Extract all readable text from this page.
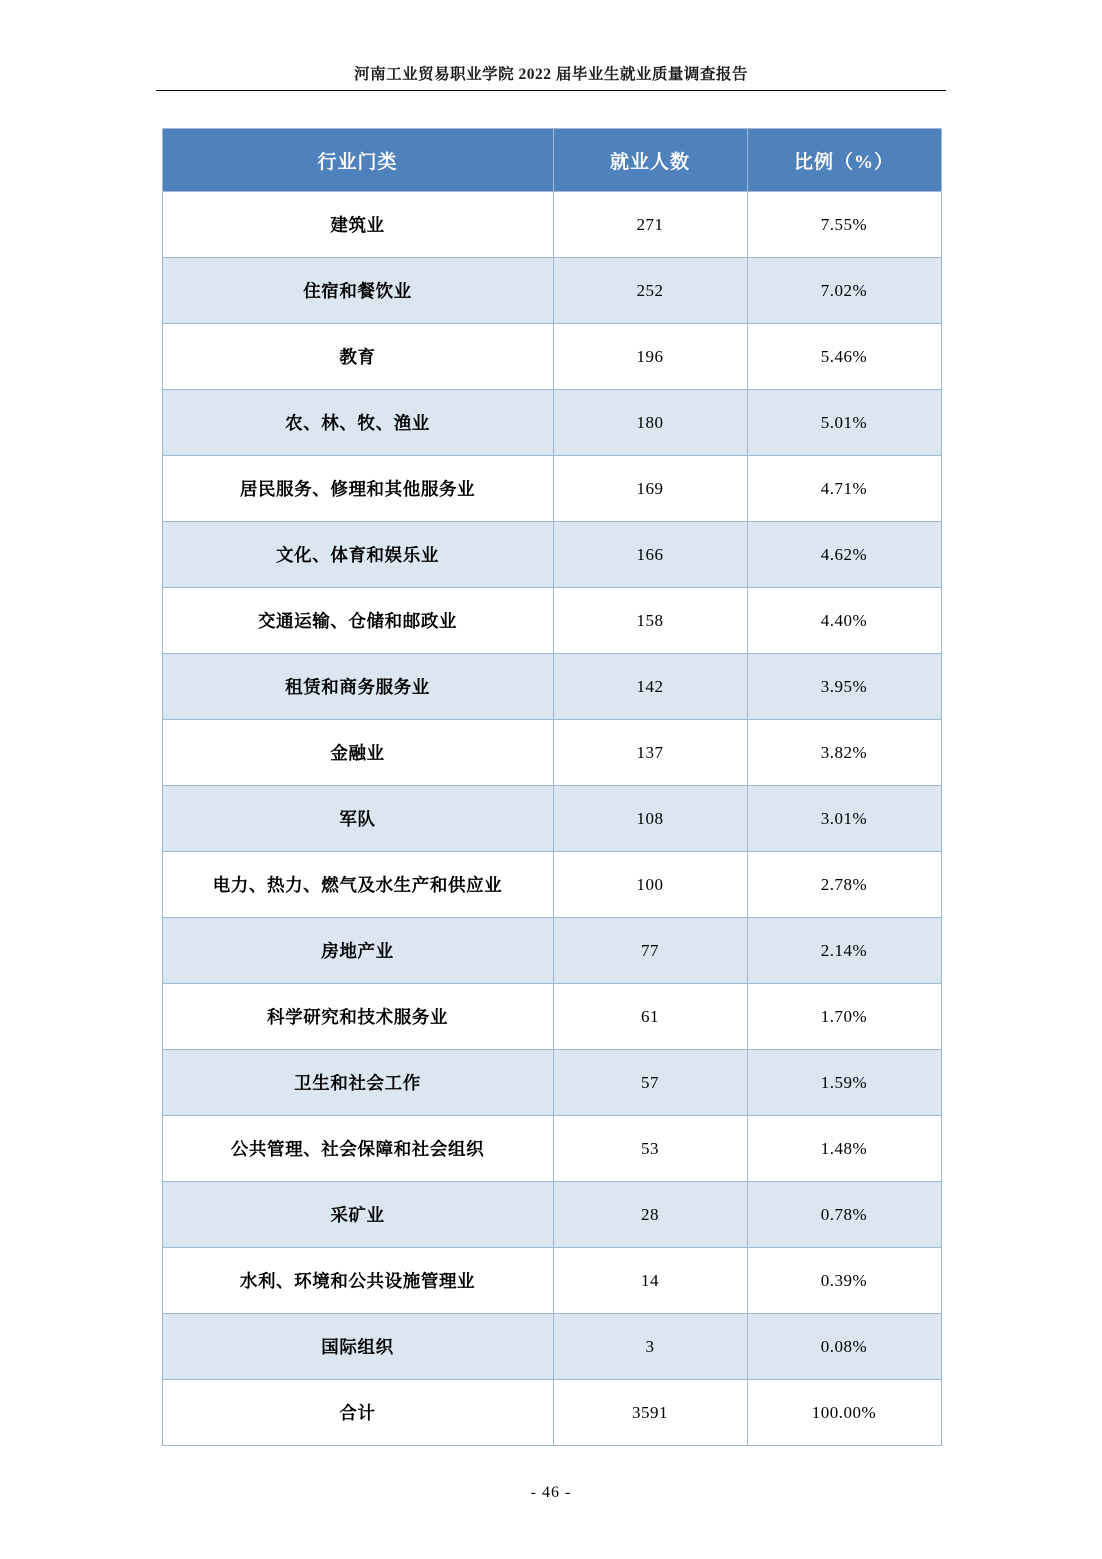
河南工业贸易职业学院 2022 届毕业生就业质量调查报告
行业门类	就业人数	比例（%）
建筑业	271	7.55%
住宿和餐饮业	252	7.02%
教育	196	5.46%
农、林、牧、渔业	180	5.01%
居民服务、修理和其他服务业	169	4.71%
文化、体育和娱乐业	166	4.62%
交通运输、仓储和邮政业	158	4.40%
租赁和商务服务业	142	3.95%
金融业	137	3.82%
军队	108	3.01%
电力、热力、燃气及水生产和供应业	100	2.78%
房地产业	77	2.14%
科学研究和技术服务业	61	1.70%
卫生和社会工作	57	1.59%
公共管理、社会保障和社会组织	53	1.48%
采矿业	28	0.78%
水利、环境和公共设施管理业	14	0.39%
国际组织	3	0.08%
合计	3591	100.00%
- 46 -
